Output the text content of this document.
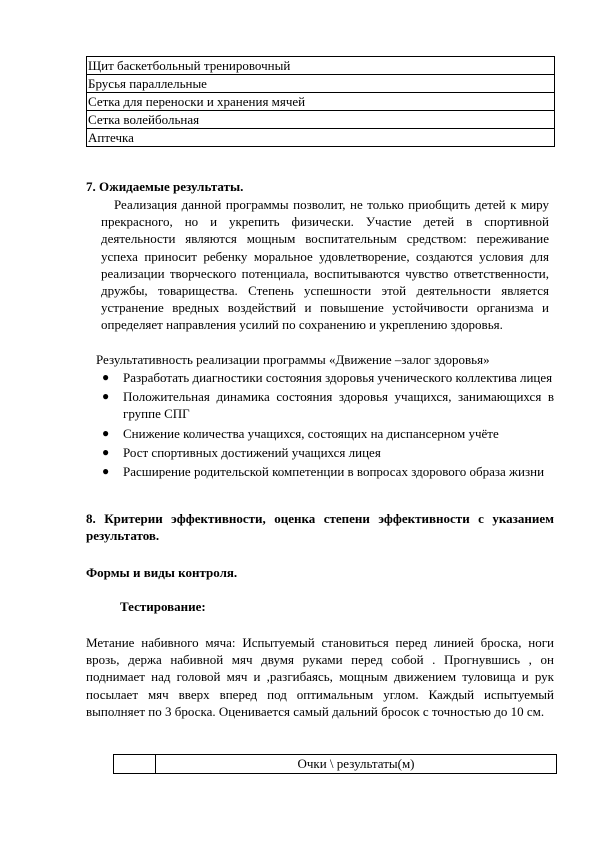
Щит баскетбольный тренировочный
Брусья параллельные
Сетка для переноски и хранения мячей
Сетка волейбольная
Аптечка
7. Ожидаемые результаты.
Реализация данной программы позволит, не только приобщить детей к миру прекрасного, но и укрепить физически. Участие детей в спортивной деятельности являются мощным воспитательным средством: переживание успеха приносит ребенку моральное удовлетворение, создаются условия для реализации творческого потенциала, воспитываются чувство ответственности, дружбы, товарищества. Степень успешности этой деятельности является устранение вредных воздействий и повышение устойчивости организма и определяет направления усилий по сохранению и укреплению здоровья.
Результативность реализации программы «Движение –залог здоровья»
● Разработать диагностики состояния здоровья ученического коллектива лицея
● Положительная динамика состояния здоровья учащихся, занимающихся в группе СПГ
● Снижение количества учащихся, состоящих на диспансерном учёте
● Рост спортивных достижений учащихся лицея
● Расширение родительской компетенции в вопросах здорового образа жизни
8. Критерии эффективности, оценка степени эффективности с указанием результатов.
Формы и виды контроля.
Тестирование:
Метание набивного мяча: Испытуемый становиться перед линией броска, ноги врозь, держа набивной мяч двумя руками перед собой . Прогнувшись , он поднимает над головой мяч и ,разгибаясь, мощным движением туловища и рук посылает мяч вверх вперед под оптимальным углом. Каждый испытуемый выполняет по 3 броска. Оценивается самый дальний бросок с точностью до 10 см.
	Очки \ результаты(м)
